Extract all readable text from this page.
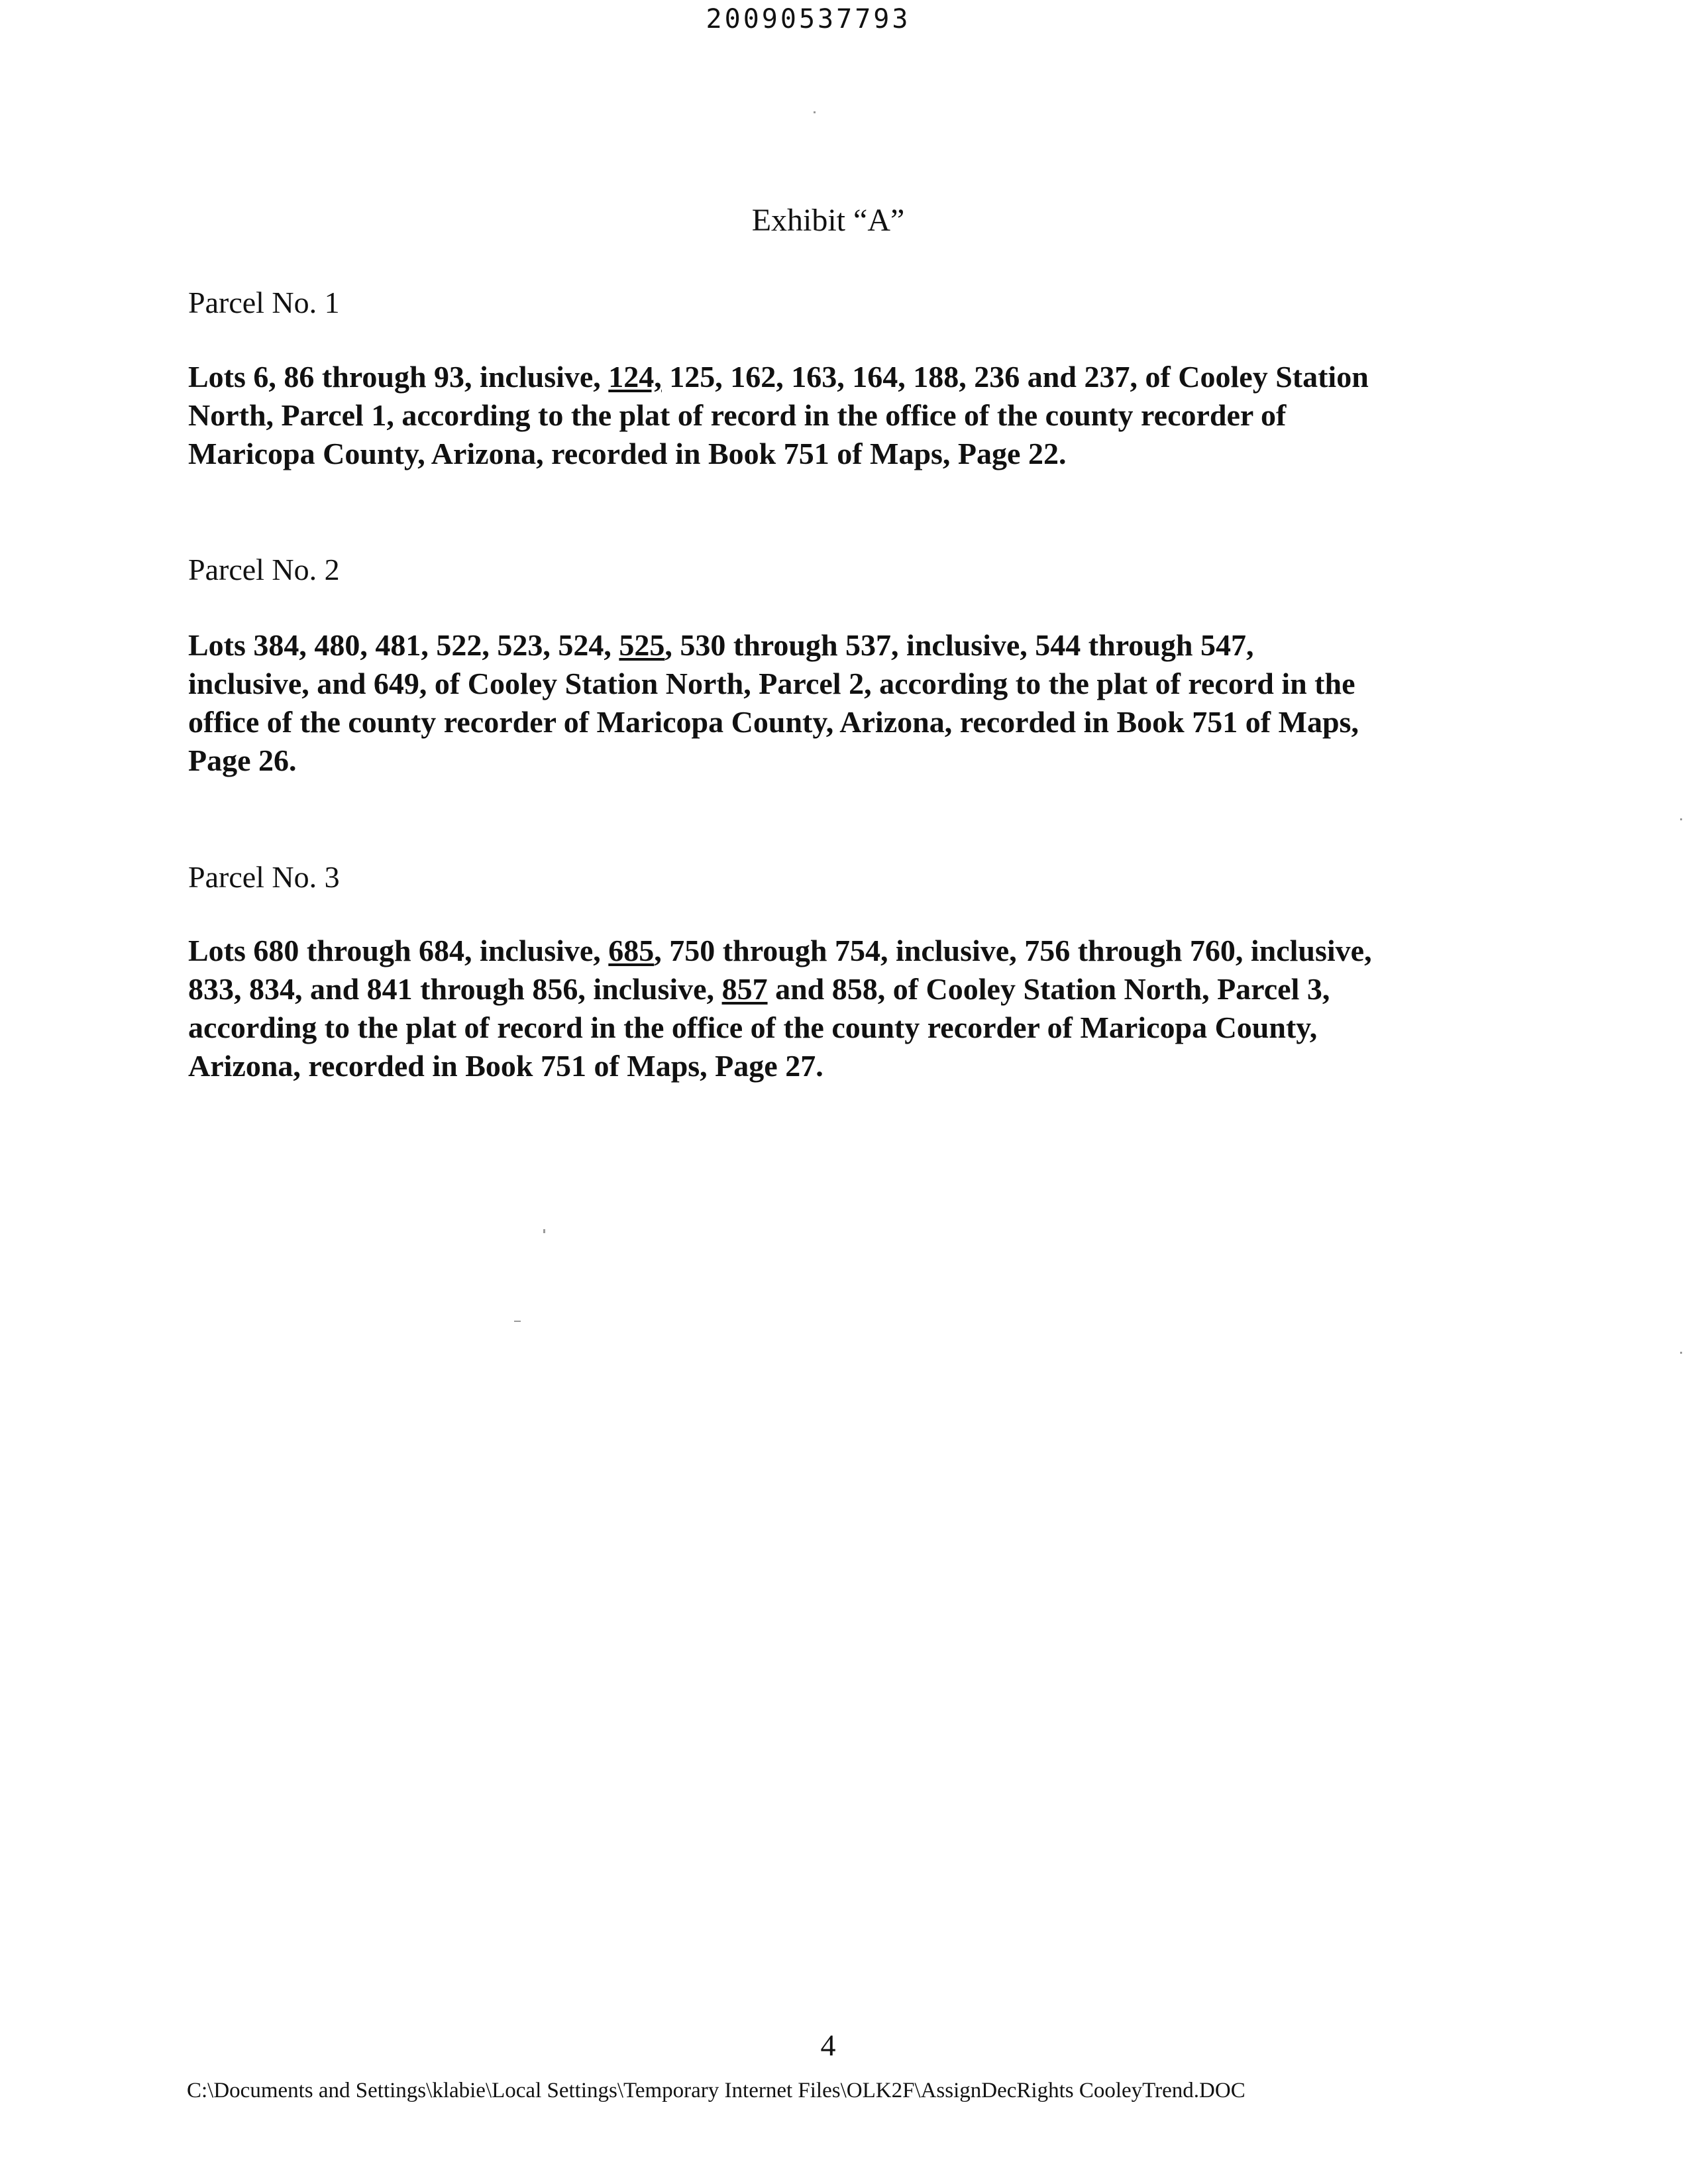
20090537793
Exhibit “A”
Parcel No. 1
Lots 6, 86 through 93, inclusive, 124, 125, 162, 163, 164, 188, 236 and 237, of Cooley Station
North, Parcel 1, according to the plat of record in the office of the county recorder of
Maricopa County, Arizona, recorded in Book 751 of Maps, Page 22.
Parcel No. 2
Lots 384, 480, 481, 522, 523, 524, 525, 530 through 537, inclusive, 544 through 547,
inclusive, and 649, of Cooley Station North, Parcel 2, according to the plat of record in the
office of the county recorder of Maricopa County, Arizona, recorded in Book 751 of Maps,
Page 26.
Parcel No. 3
Lots 680 through 684, inclusive, 685, 750 through 754, inclusive, 756 through 760, inclusive,
833, 834, and 841 through 856, inclusive, 857 and 858, of Cooley Station North, Parcel 3,
according to the plat of record in the office of the county recorder of Maricopa County,
Arizona, recorded in Book 751 of Maps, Page 27.
4
C:\Documents and Settings\klabie\Local Settings\Temporary Internet Files\OLK2F\AssignDecRights CooleyTrend.DOC
